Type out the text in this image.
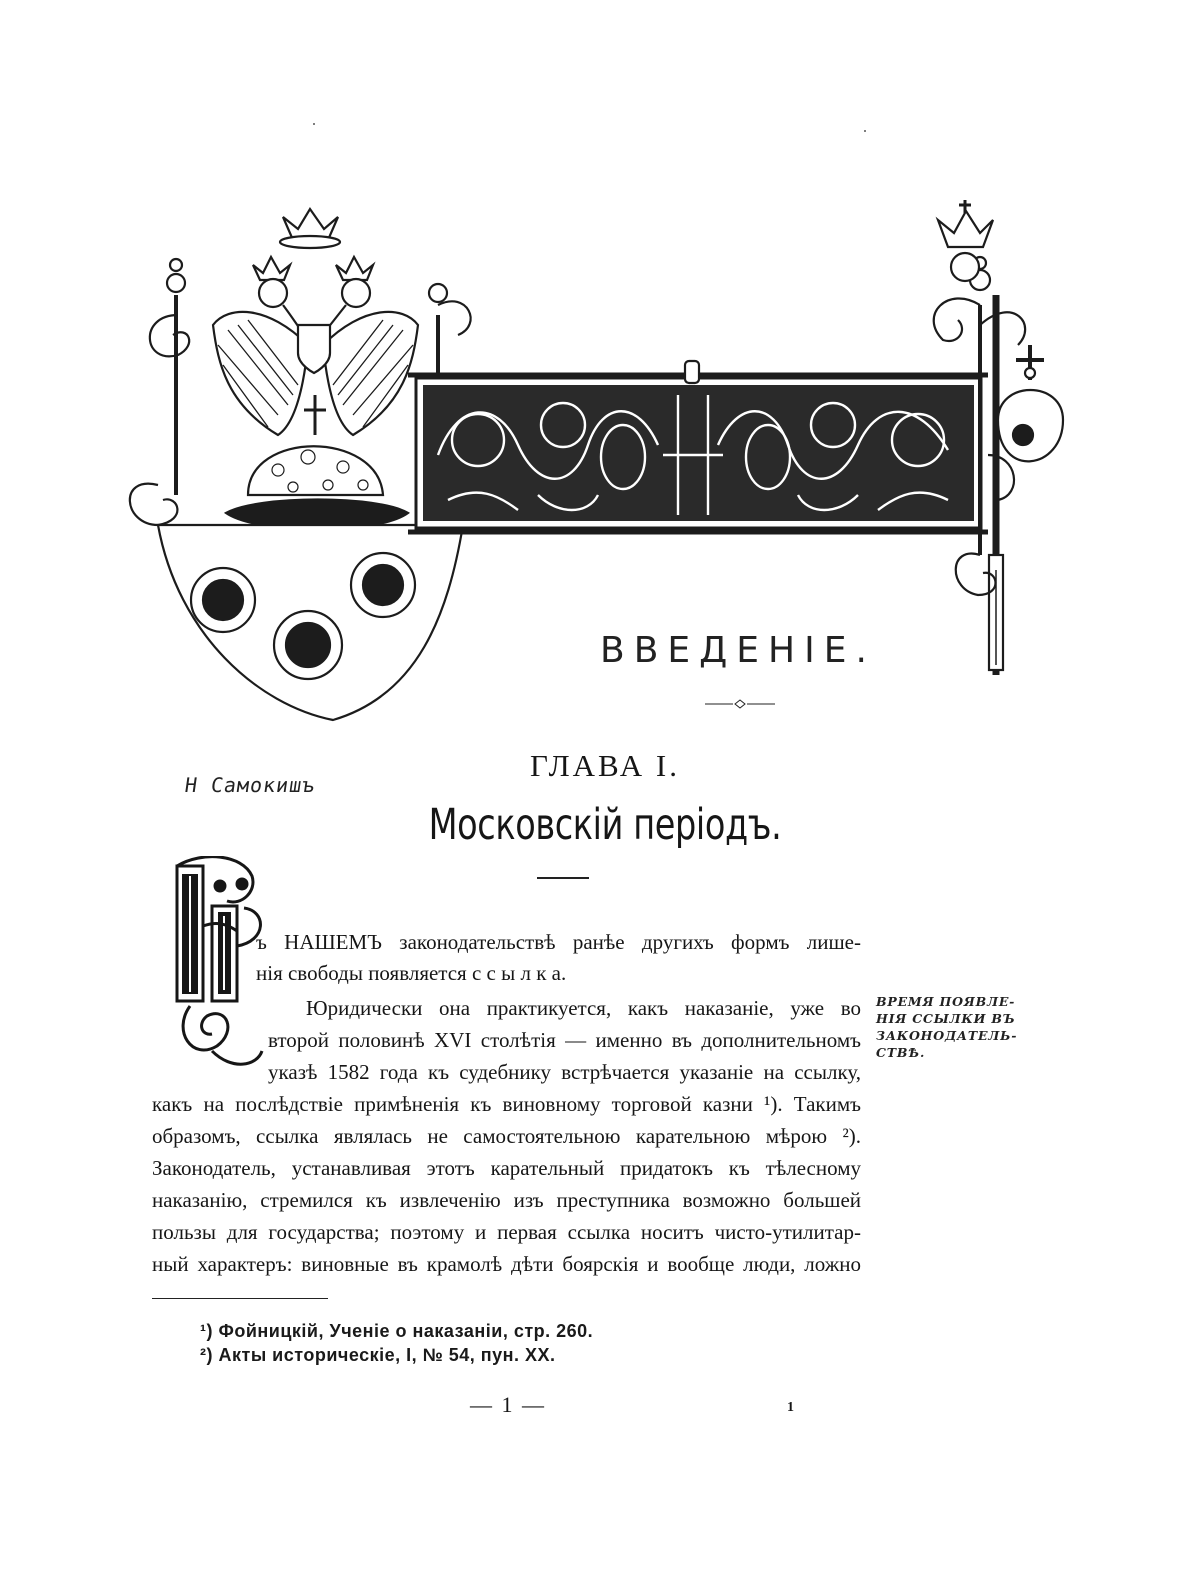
ВВЕДЕНІЕ.
Н Самокишъ
ГЛАВА I.
Московскій періодъ.
ъ НАШЕМЪ законодательствѣ ранѣе другихъ формъ лише-
нія свободы появляется с с ы л к а.
Юридически она практикуется, какъ наказаніе, уже во
второй половинѣ XVI столѣтія — именно въ дополнительномъ
указѣ 1582 года къ судебнику встрѣчается указаніе на ссылку,
какъ на послѣдствіе примѣненія къ виновному торговой казни ¹). Такимъ
образомъ, ссылка являлась не самостоятельною карательною мѣрою ²).
Законодатель, устанавливая этотъ карательный придатокъ къ тѣлесному
наказанію, стремился къ извлеченію изъ преступника возможно большей
пользы для государства; поэтому и первая ссылка носитъ чисто-утилитар-
ный характеръ: виновные въ крамолѣ дѣти боярскія и вообще люди, ложно
ВРЕМЯ ПОЯВЛЕ-
НІЯ ССЫЛКИ ВЪ
ЗАКОНОДАТЕЛЬ-
СТВѢ.
¹) Фойницкій, Ученіе о наказаніи, стр. 260.
²) Акты историческіе, I, № 54, пун. XX.
— 1 —	1
